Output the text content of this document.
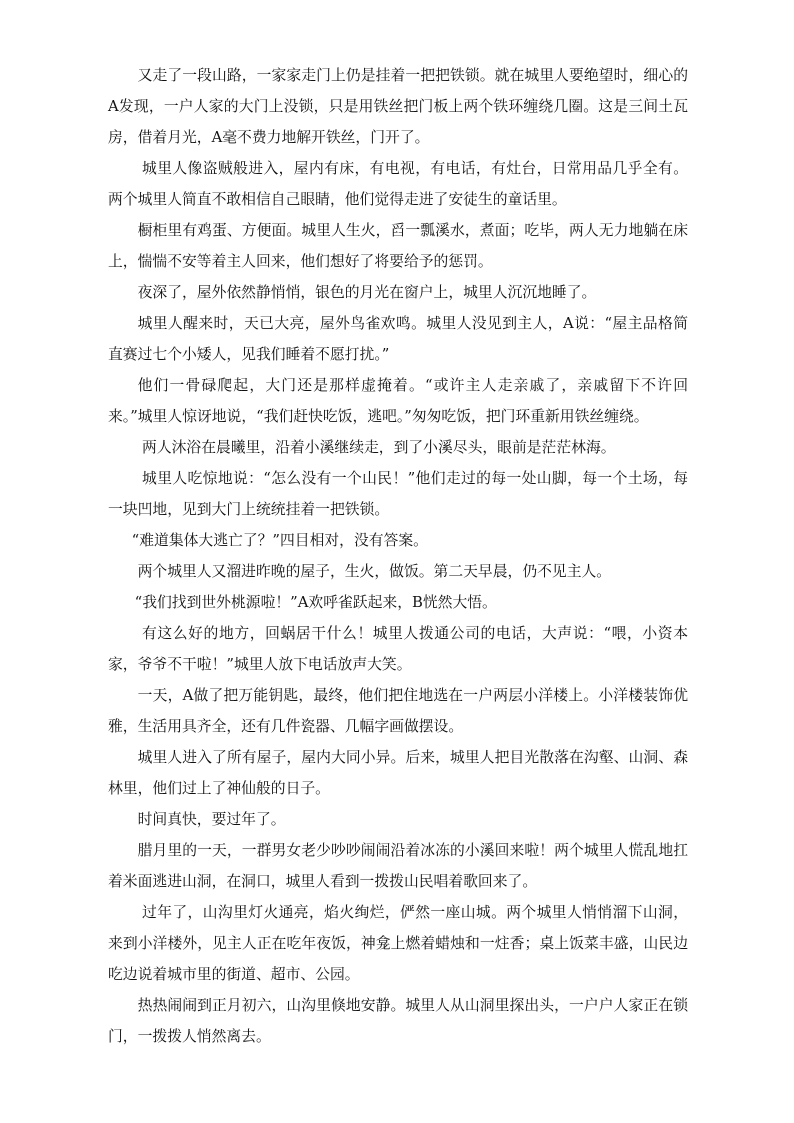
又走了一段山路，一家家走门上仍是挂着一把把铁锁。就在城里人要绝望时，细心的A发现，一户人家的大门上没锁，只是用铁丝把门板上两个铁环缠绕几圈。这是三间土瓦房，借着月光，A毫不费力地解开铁丝，门开了。

城里人像盗贼般进入，屋内有床，有电视，有电话，有灶台，日常用品几乎全有。两个城里人简直不敢相信自己眼睛，他们觉得走进了安徒生的童话里。

橱柜里有鸡蛋、方便面。城里人生火，舀一瓢溪水，煮面；吃毕，两人无力地躺在床上，惴惴不安等着主人回来，他们想好了将要给予的惩罚。

夜深了，屋外依然静悄悄，银色的月光在窗户上，城里人沉沉地睡了。

城里人醒来时，天已大亮，屋外鸟雀欢鸣。城里人没见到主人，A说：“屋主品格简直赛过七个小矮人，见我们睡着不愿打扰。”

他们一骨碌爬起，大门还是那样虚掩着。“或许主人走亲戚了，亲戚留下不许回来。”城里人惊讶地说，“我们赶快吃饭，逃吧。”匆匆吃饭，把门环重新用铁丝缠绕。

两人沐浴在晨曦里，沿着小溪继续走，到了小溪尽头，眼前是茫茫林海。

城里人吃惊地说：“怎么没有一个山民！”他们走过的每一处山脚，每一个土场，每一块凹地，见到大门上统统挂着一把铁锁。

“难道集体大逃亡了？”四目相对，没有答案。

两个城里人又溜进昨晚的屋子，生火，做饭。第二天早晨，仍不见主人。

“我们找到世外桃源啦！”A欢呼雀跃起来，B恍然大悟。

有这么好的地方，回蜗居干什么！城里人拨通公司的电话，大声说：“喂，小资本家，爷爷不干啦！”城里人放下电话放声大笑。

一天，A做了把万能钥匙，最终，他们把住地选在一户两层小洋楼上。小洋楼装饰优雅，生活用具齐全，还有几件瓷器、几幅字画做摆设。

城里人进入了所有屋子，屋内大同小异。后来，城里人把目光散落在沟壑、山洞、森林里，他们过上了神仙般的日子。

时间真快，要过年了。

腊月里的一天，一群男女老少吵吵闹闹沿着冰冻的小溪回来啦！两个城里人慌乱地扛着米面逃进山洞，在洞口，城里人看到一拨拨山民唱着歌回来了。

过年了，山沟里灯火通亮，焰火绚烂，俨然一座山城。两个城里人悄悄溜下山洞，来到小洋楼外，见主人正在吃年夜饭，神龛上燃着蜡烛和一炷香；桌上饭菜丰盛，山民边吃边说着城市里的街道、超市、公园。

热热闹闹到正月初六，山沟里倏地安静。城里人从山洞里探出头，一户户人家正在锁门，一拨拨人悄然离去。
